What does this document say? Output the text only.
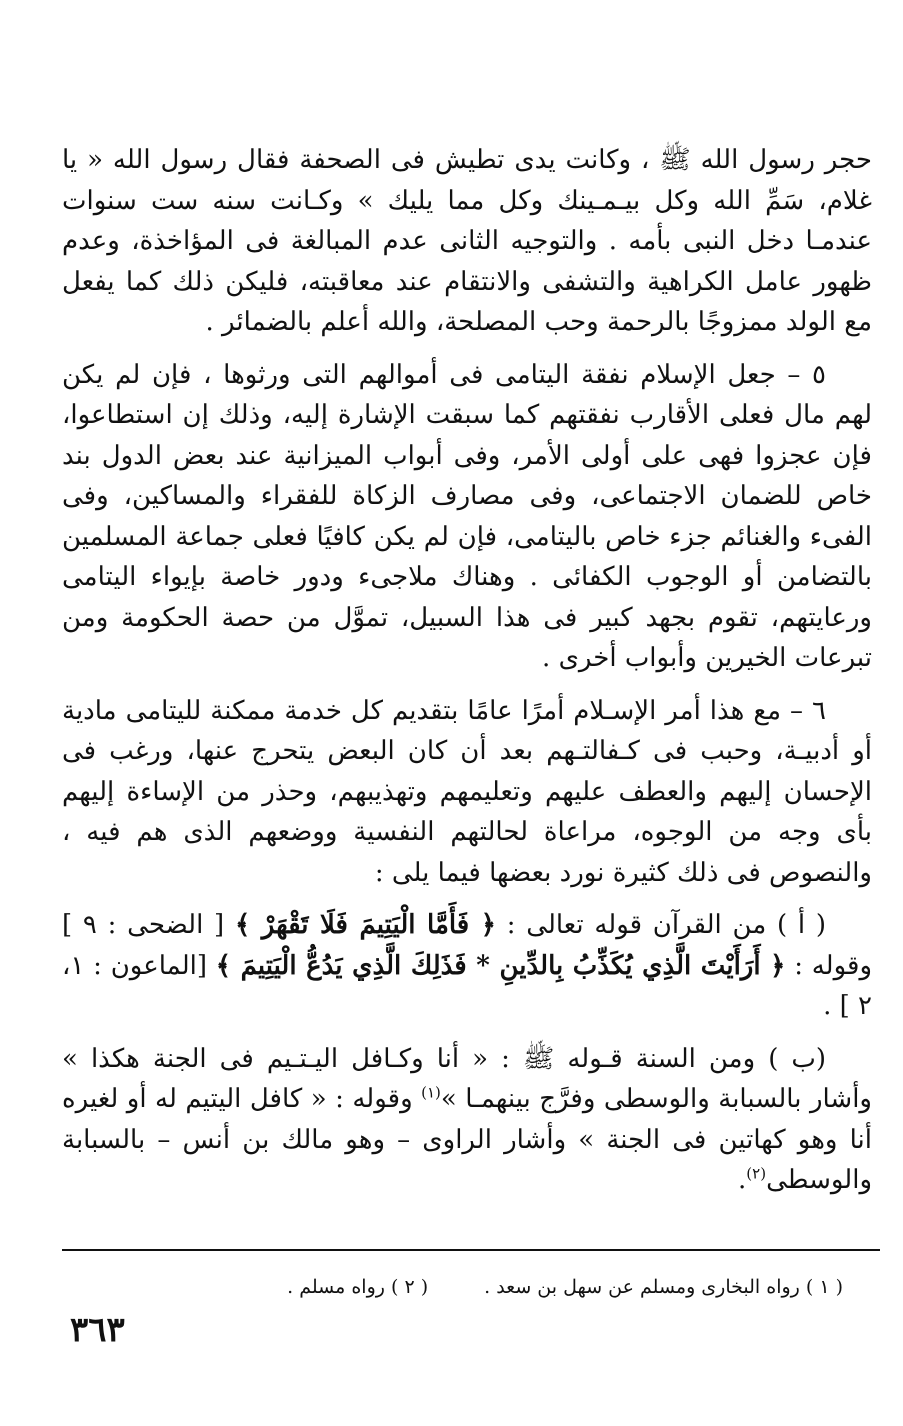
حجر رسول الله ﷺ ، وكانت يدى تطيش فى الصحفة فقال رسول الله « يا غلام، سَمِّ الله وكل بيـمـينك وكل مما يليك » وكـانت سنه ست سنوات عندمـا دخل النبى بأمه . والتوجيه الثانى عدم المبالغة فى المؤاخذة، وعدم ظهور عامل الكراهية والتشفى والانتقام عند معاقبته، فليكن ذلك كما يفعل مع الولد ممزوجًا بالرحمة وحب المصلحة، والله أعلم بالضمائر .

٥ – جعل الإسلام نفقة اليتامى فى أموالهم التى ورثوها ، فإن لم يكن لهم مال فعلى الأقارب نفقتهم كما سبقت الإشارة إليه، وذلك إن استطاعوا، فإن عجزوا فهى على أولى الأمر، وفى أبواب الميزانية عند بعض الدول بند خاص للضمان الاجتماعى، وفى مصارف الزكاة للفقراء والمساكين، وفى الفىء والغنائم جزء خاص باليتامى، فإن لم يكن كافيًا فعلى جماعة المسلمين بالتضامن أو الوجوب الكفائى . وهناك ملاجىء ودور خاصة بإيواء اليتامى ورعايتهم، تقوم بجهد كبير فى هذا السبيل، تموَّل من حصة الحكومة ومن تبرعات الخيرين وأبواب أخرى .

٦ – مع هذا أمر الإسـلام أمرًا عامًا بتقديم كل خدمة ممكنة لليتامى مادية أو أدبيـة، وحبب فى كـفالتـهم بعد أن كان البعض يتحرج عنها، ورغب فى الإحسان إليهم والعطف عليهم وتعليمهم وتهذيبهم، وحذر من الإساءة إليهم بأى وجه من الوجوه، مراعاة لحالتهم النفسية ووضعهم الذى هم فيه ، والنصوص فى ذلك كثيرة نورد بعضها فيما يلى :

( أ ) من القرآن قوله تعالى : ﴿ فَأَمَّا الْيَتِيمَ فَلَا تَقْهَرْ ﴾ [ الضحى : ٩ ] وقوله : ﴿ أَرَأَيْتَ الَّذِي يُكَذِّبُ بِالدِّينِ * فَذَلِكَ الَّذِي يَدُعُّ الْيَتِيمَ ﴾ [الماعون : ١، ٢ ] .

(ب ) ومن السنة قـوله ﷺ : « أنا وكـافل اليـتـيم فى الجنة هكذا » وأشار بالسبابة والوسطى وفرَّج بينهمـا »$^{(١)}$ وقوله : « كافل اليتيم له أو لغيره أنا وهو كهاتين فى الجنة » وأشار الراوى – وهو مالك بن أنس – بالسبابة والوسطى$^{(٢)}$.

( ١ ) رواه البخارى ومسلم عن سهل بن سعد .
( ٢ ) رواه مسلم .
٣٦٣
